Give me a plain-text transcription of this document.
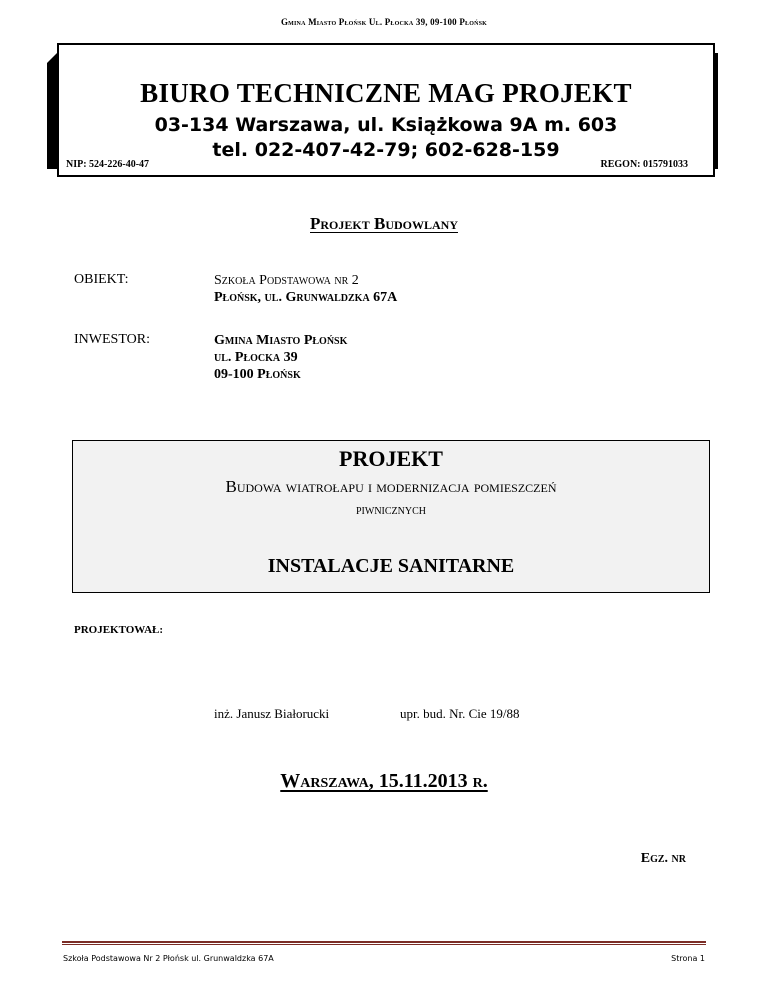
Gmina Miasto Płońsk Ul. Płocka 39, 09-100 Płońsk
BIURO TECHNICZNE MAG PROJEKT
03-134 Warszawa, ul. Książkowa 9A m. 603
tel. 022-407-42-79; 602-628-159
NIP: 524-226-40-47	REGON: 015791033
Projekt Budowlany
OBIEKT:	Szkoła Podstawowa nr 2
Płońsk, ul. Grunwaldzka 67A
INWESTOR:	Gmina Miasto Płońsk
ul. Płocka 39
09-100 Płońsk
PROJEKT
Budowa wiatrołapu i modernizacja pomieszczeń
piwnicznych
INSTALACJE SANITARNE
PROJEKTOWAŁ:
inż. Janusz Białorucki	upr. bud. Nr. Cie 19/88
Warszawa, 15.11.2013 r.
Egz. nr
Szkoła Podstawowa Nr 2 Płońsk ul. Grunwaldzka 67A	Strona 1
